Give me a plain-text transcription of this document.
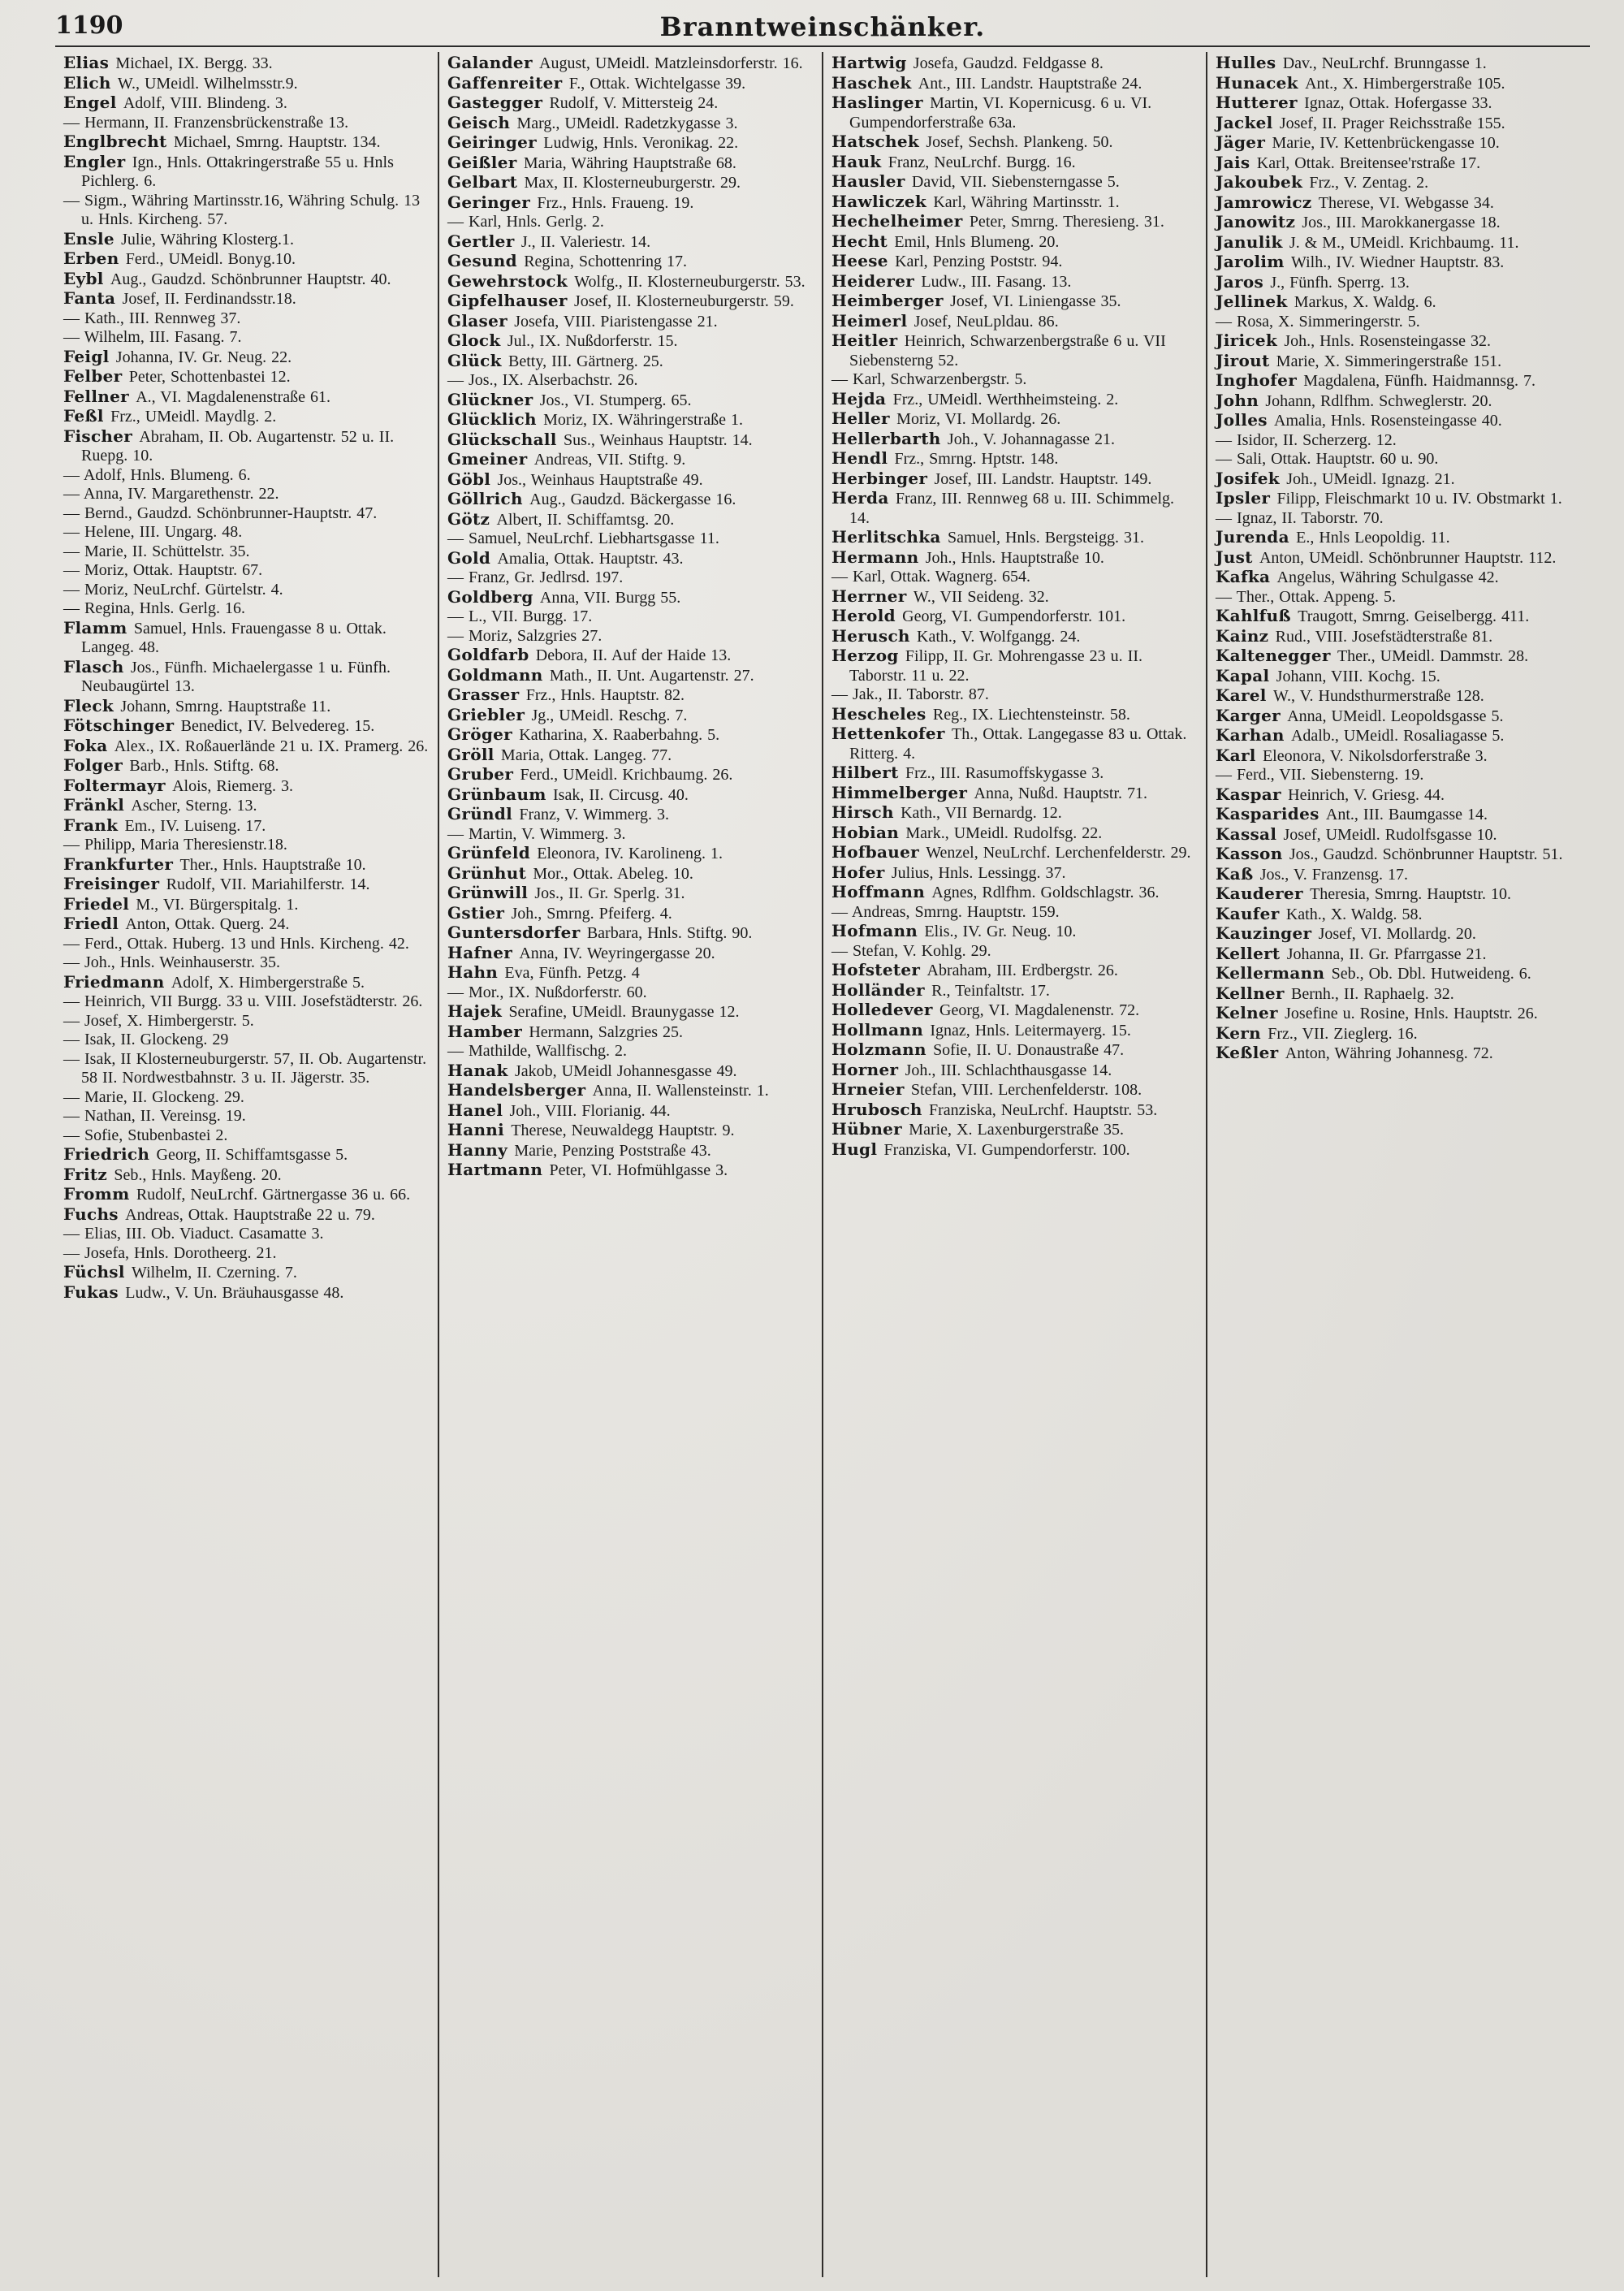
1190	Branntweinschänker.

Elias Michael, IX. Bergg. 33.

Elich W., UMeidl. Wilhelmsstr.9.

Engel Adolf, VIII. Blindeng. 3.

— Hermann, II. Franzensbrückenstraße 13.

Englbrecht Michael, Smrng. Hauptstr. 134.

Engler Ign., Hnls. Ottakringerstraße 55 u. Hnls Pichlerg. 6.

— Sigm., Währing Martinsstr.16, Währing Schulg. 13 u. Hnls. Kircheng. 57.

Ensle Julie, Währing Klosterg.1.

Erben Ferd., UMeidl. Bonyg.10.

Eybl Aug., Gaudzd. Schönbrunner Hauptstr. 40.

Fanta Josef, II. Ferdinandsstr.18.

— Kath., III. Rennweg 37.

— Wilhelm, III. Fasang. 7.

Feigl Johanna, IV. Gr. Neug. 22.

Felber Peter, Schottenbastei 12.

Fellner A., VI. Magdalenenstraße 61.

Feßl Frz., UMeidl. Maydlg. 2.

Fischer Abraham, II. Ob. Augartenstr. 52 u. II. Ruepg. 10.

— Adolf, Hnls. Blumeng. 6.

— Anna, IV. Margarethenstr. 22.

— Bernd., Gaudzd. Schönbrunner-Hauptstr. 47.

— Helene, III. Ungarg. 48.

— Marie, II. Schüttelstr. 35.

— Moriz, Ottak. Hauptstr. 67.

— Moriz, NeuLrchf. Gürtelstr. 4.

— Regina, Hnls. Gerlg. 16.

Flamm Samuel, Hnls. Frauengasse 8 u. Ottak. Langeg. 48.

Flasch Jos., Fünfh. Michaelergasse 1 u. Fünfh. Neubaugürtel 13.

Fleck Johann, Smrng. Hauptstraße 11.

Fötschinger Benedict, IV. Belvedereg. 15.

Foka Alex., IX. Roßauerlände 21 u. IX. Pramerg. 26.

Folger Barb., Hnls. Stiftg. 68.

Foltermayr Alois, Riemerg. 3.

Fränkl Ascher, Sterng. 13.

Frank Em., IV. Luiseng. 17.

— Philipp, Maria Theresienstr.18.

Frankfurter Ther., Hnls. Hauptstraße 10.

Freisinger Rudolf, VII. Mariahilferstr. 14.

Friedel M., VI. Bürgerspitalg. 1.

Friedl Anton, Ottak. Querg. 24.

— Ferd., Ottak. Huberg. 13 und Hnls. Kircheng. 42.

— Joh., Hnls. Weinhauserstr. 35.

Friedmann Adolf, X. Himbergerstraße 5.

— Heinrich, VII Burgg. 33 u. VIII. Josefstädterstr. 26.

— Josef, X. Himbergerstr. 5.

— Isak, II. Glockeng. 29

— Isak, II Klosterneuburgerstr. 57, II. Ob. Augartenstr. 58 II. Nordwestbahnstr. 3 u. II. Jägerstr. 35.

— Marie, II. Glockeng. 29.

— Nathan, II. Vereinsg. 19.

— Sofie, Stubenbastei 2.

Friedrich Georg, II. Schiffamtsgasse 5.

Fritz Seb., Hnls. Mayßeng. 20.

Fromm Rudolf, NeuLrchf. Gärtnergasse 36 u. 66.

Fuchs Andreas, Ottak. Hauptstraße 22 u. 79.

— Elias, III. Ob. Viaduct. Casamatte 3.

— Josefa, Hnls. Dorotheerg. 21.

Füchsl Wilhelm, II. Czerning. 7.

Fukas Ludw., V. Un. Bräuhausgasse 48.

Galander August, UMeidl. Matzleinsdorferstr. 16.

Gaffenreiter F., Ottak. Wichtelgasse 39.

Gastegger Rudolf, V. Mittersteig 24.

Geisch Marg., UMeidl. Radetzkygasse 3.

Geiringer Ludwig, Hnls. Veronikag. 22.

Geißler Maria, Währing Hauptstraße 68.

Gelbart Max, II. Klosterneuburgerstr. 29.

Geringer Frz., Hnls. Fraueng. 19.

— Karl, Hnls. Gerlg. 2.

Gertler J., II. Valeriestr. 14.

Gesund Regina, Schottenring 17.

Gewehrstock Wolfg., II. Klosterneuburgerstr. 53.

Gipfelhauser Josef, II. Klosterneuburgerstr. 59.

Glaser Josefa, VIII. Piaristengasse 21.

Glock Jul., IX. Nußdorferstr. 15.

Glück Betty, III. Gärtnerg. 25.

— Jos., IX. Alserbachstr. 26.

Glückner Jos., VI. Stumperg. 65.

Glücklich Moriz, IX. Währingerstraße 1.

Glückschall Sus., Weinhaus Hauptstr. 14.

Gmeiner Andreas, VII. Stiftg. 9.

Göbl Jos., Weinhaus Hauptstraße 49.

Göllrich Aug., Gaudzd. Bäckergasse 16.

Götz Albert, II. Schiffamtsg. 20.

— Samuel, NeuLrchf. Liebhartsgasse 11.

Gold Amalia, Ottak. Hauptstr. 43.

— Franz, Gr. Jedlrsd. 197.

Goldberg Anna, VII. Burgg 55.

— L., VII. Burgg. 17.

— Moriz, Salzgries 27.

Goldfarb Debora, II. Auf der Haide 13.

Goldmann Math., II. Unt. Augartenstr. 27.

Grasser Frz., Hnls. Hauptstr. 82.

Griebler Jg., UMeidl. Reschg. 7.

Gröger Katharina, X. Raaberbahng. 5.

Gröll Maria, Ottak. Langeg. 77.

Gruber Ferd., UMeidl. Krichbaumg. 26.

Grünbaum Isak, II. Circusg. 40.

Gründl Franz, V. Wimmerg. 3.

— Martin, V. Wimmerg. 3.

Grünfeld Eleonora, IV. Karolineng. 1.

Grünhut Mor., Ottak. Abeleg. 10.

Grünwill Jos., II. Gr. Sperlg. 31.

Gstier Joh., Smrng. Pfeiferg. 4.

Guntersdorfer Barbara, Hnls. Stiftg. 90.

Hafner Anna, IV. Weyringergasse 20.

Hahn Eva, Fünfh. Petzg. 4

— Mor., IX. Nußdorferstr. 60.

Hajek Serafine, UMeidl. Braunygasse 12.

Hamber Hermann, Salzgries 25.

— Mathilde, Wallfischg. 2.

Hanak Jakob, UMeidl Johannesgasse 49.

Handelsberger Anna, II. Wallensteinstr. 1.

Hanel Joh., VIII. Florianig. 44.

Hanni Therese, Neuwaldegg Hauptstr. 9.

Hanny Marie, Penzing Poststraße 43.

Hartmann Peter, VI. Hofmühlgasse 3.

Hartwig Josefa, Gaudzd. Feldgasse 8.

Haschek Ant., III. Landstr. Hauptstraße 24.

Haslinger Martin, VI. Kopernicusg. 6 u. VI. Gumpendorferstraße 63a.

Hatschek Josef, Sechsh. Plankeng. 50.

Hauk Franz, NeuLrchf. Burgg. 16.

Hausler David, VII. Siebensterngasse 5.

Hawliczek Karl, Währing Martinsstr. 1.

Hechelheimer Peter, Smrng. Theresieng. 31.

Hecht Emil, Hnls Blumeng. 20.

Heese Karl, Penzing Poststr. 94.

Heiderer Ludw., III. Fasang. 13.

Heimberger Josef, VI. Liniengasse 35.

Heimerl Josef, NeuLpldau. 86.

Heitler Heinrich, Schwarzenbergstraße 6 u. VII Siebensterng 52.

— Karl, Schwarzenbergstr. 5.

Hejda Frz., UMeidl. Werthheimsteing. 2.

Heller Moriz, VI. Mollardg. 26.

Hellerbarth Joh., V. Johannagasse 21.

Hendl Frz., Smrng. Hptstr. 148.

Herbinger Josef, III. Landstr. Hauptstr. 149.

Herda Franz, III. Rennweg 68 u. III. Schimmelg. 14.

Herlitschka Samuel, Hnls. Bergsteigg. 31.

Hermann Joh., Hnls. Hauptstraße 10.

— Karl, Ottak. Wagnerg. 654.

Herrner W., VII Seideng. 32.

Herold Georg, VI. Gumpendorferstr. 101.

Herusch Kath., V. Wolfgangg. 24.

Herzog Filipp, II. Gr. Mohrengasse 23 u. II. Taborstr. 11 u. 22.

— Jak., II. Taborstr. 87.

Hescheles Reg., IX. Liechtensteinstr. 58.

Hettenkofer Th., Ottak. Langegasse 83 u. Ottak. Ritterg. 4.

Hilbert Frz., III. Rasumoffskygasse 3.

Himmelberger Anna, Nußd. Hauptstr. 71.

Hirsch Kath., VII Bernardg. 12.

Hobian Mark., UMeidl. Rudolfsg. 22.

Hofbauer Wenzel, NeuLrchf. Lerchenfelderstr. 29.

Hofer Julius, Hnls. Lessingg. 37.

Hoffmann Agnes, Rdlfhm. Goldschlagstr. 36.

— Andreas, Smrng. Hauptstr. 159.

Hofmann Elis., IV. Gr. Neug. 10.

— Stefan, V. Kohlg. 29.

Hofsteter Abraham, III. Erdbergstr. 26.

Holländer R., Teinfaltstr. 17.

Holledever Georg, VI. Magdalenenstr. 72.

Hollmann Ignaz, Hnls. Leitermayerg. 15.

Holzmann Sofie, II. U. Donaustraße 47.

Horner Joh., III. Schlachthausgasse 14.

Hrneier Stefan, VIII. Lerchenfelderstr. 108.

Hrubosch Franziska, NeuLrchf. Hauptstr. 53.

Hübner Marie, X. Laxenburgerstraße 35.

Hugl Franziska, VI. Gumpendorferstr. 100.

Hulles Dav., NeuLrchf. Brunngasse 1.

Hunacek Ant., X. Himbergerstraße 105.

Hutterer Ignaz, Ottak. Hofergasse 33.

Jackel Josef, II. Prager Reichsstraße 155.

Jäger Marie, IV. Kettenbrückengasse 10.

Jais Karl, Ottak. Breitensee'rstraße 17.

Jakoubek Frz., V. Zentag. 2.

Jamrowicz Therese, VI. Webgasse 34.

Janowitz Jos., III. Marokkanergasse 18.

Janulik J. & M., UMeidl. Krichbaumg. 11.

Jarolim Wilh., IV. Wiedner Hauptstr. 83.

Jaros J., Fünfh. Sperrg. 13.

Jellinek Markus, X. Waldg. 6.

— Rosa, X. Simmeringerstr. 5.

Jiricek Joh., Hnls. Rosensteingasse 32.

Jirout Marie, X. Simmeringerstraße 151.

Inghofer Magdalena, Fünfh. Haidmannsg. 7.

John Johann, Rdlfhm. Schweglerstr. 20.

Jolles Amalia, Hnls. Rosensteingasse 40.

— Isidor, II. Scherzerg. 12.

— Sali, Ottak. Hauptstr. 60 u. 90.

Josifek Joh., UMeidl. Ignazg. 21.

Ipsler Filipp, Fleischmarkt 10 u. IV. Obstmarkt 1.

— Ignaz, II. Taborstr. 70.

Jurenda E., Hnls Leopoldig. 11.

Just Anton, UMeidl. Schönbrunner Hauptstr. 112.

Kafka Angelus, Währing Schulgasse 42.

— Ther., Ottak. Appeng. 5.

Kahlfuß Traugott, Smrng. Geiselbergg. 411.

Kainz Rud., VIII. Josefstädterstraße 81.

Kaltenegger Ther., UMeidl. Dammstr. 28.

Kapal Johann, VIII. Kochg. 15.

Karel W., V. Hundsthurmerstraße 128.

Karger Anna, UMeidl. Leopoldsgasse 5.

Karhan Adalb., UMeidl. Rosaliagasse 5.

Karl Eleonora, V. Nikolsdorferstraße 3.

— Ferd., VII. Siebensterng. 19.

Kaspar Heinrich, V. Griesg. 44.

Kasparides Ant., III. Baumgasse 14.

Kassal Josef, UMeidl. Rudolfsgasse 10.

Kasson Jos., Gaudzd. Schönbrunner Hauptstr. 51.

Kaß Jos., V. Franzensg. 17.

Kauderer Theresia, Smrng. Hauptstr. 10.

Kaufer Kath., X. Waldg. 58.

Kauzinger Josef, VI. Mollardg. 20.

Kellert Johanna, II. Gr. Pfarrgasse 21.

Kellermann Seb., Ob. Dbl. Hutweideng. 6.

Kellner Bernh., II. Raphaelg. 32.

Kelner Josefine u. Rosine, Hnls. Hauptstr. 26.

Kern Frz., VII. Zieglerg. 16.

Keßler Anton, Währing Johannesg. 72.
